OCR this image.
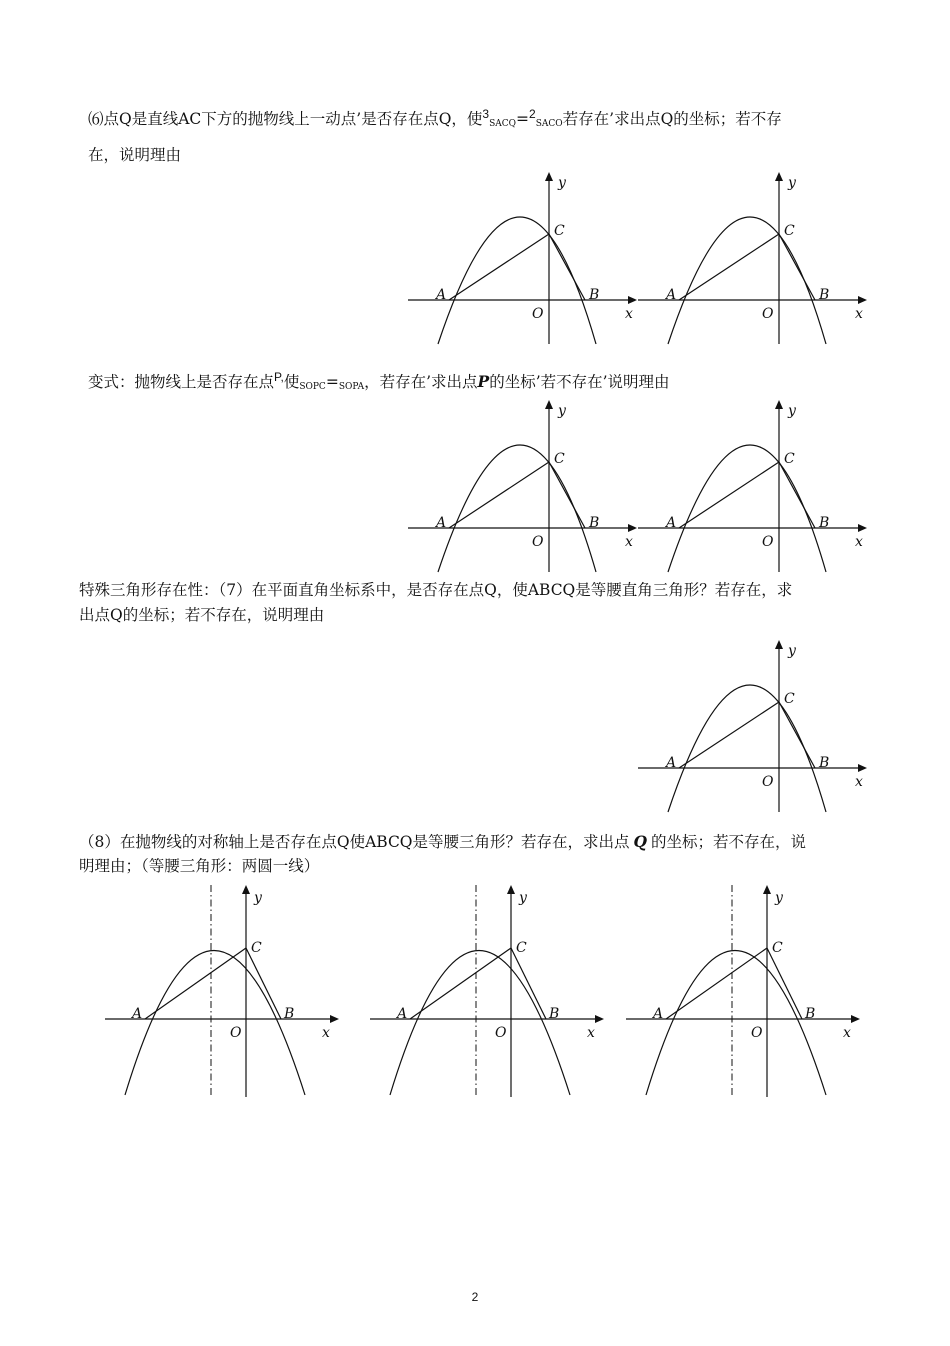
⑹点Q是直线AC下方的抛物线上一动点’是否存在点Q，使$^3_{SACQ}$=$^2_{SACO}$若存在’求出点Q的坐标；若不存
在，说明理由
变式：抛物线上是否存在点$^{P,}$使$_{SOPC}=_{SOPA}$，若存在’求出点P的坐标’若不存在’说明理由
特殊三角形存在性：（7）在平面直角坐标系中，是否存在点Q，使ABCQ是等腰直角三角形？若存在，求
出点Q的坐标；若不存在，说明理由
（8）在抛物线的对称轴上是否存在点Q使ABCQ是等腰三角形？若存在，求出点 Q 的坐标；若不存在，说
明理由；（等腰三角形：两圆一线）
A	B
C
O	x
y
A	B
C
O	x
y
A	B
C
O	x
y
A	B
C
O	x
y
A	B
C
O	x
y
A	B
C
O	x
y
A	B
C
O	x
y
A	B
C
O	x
y
2
